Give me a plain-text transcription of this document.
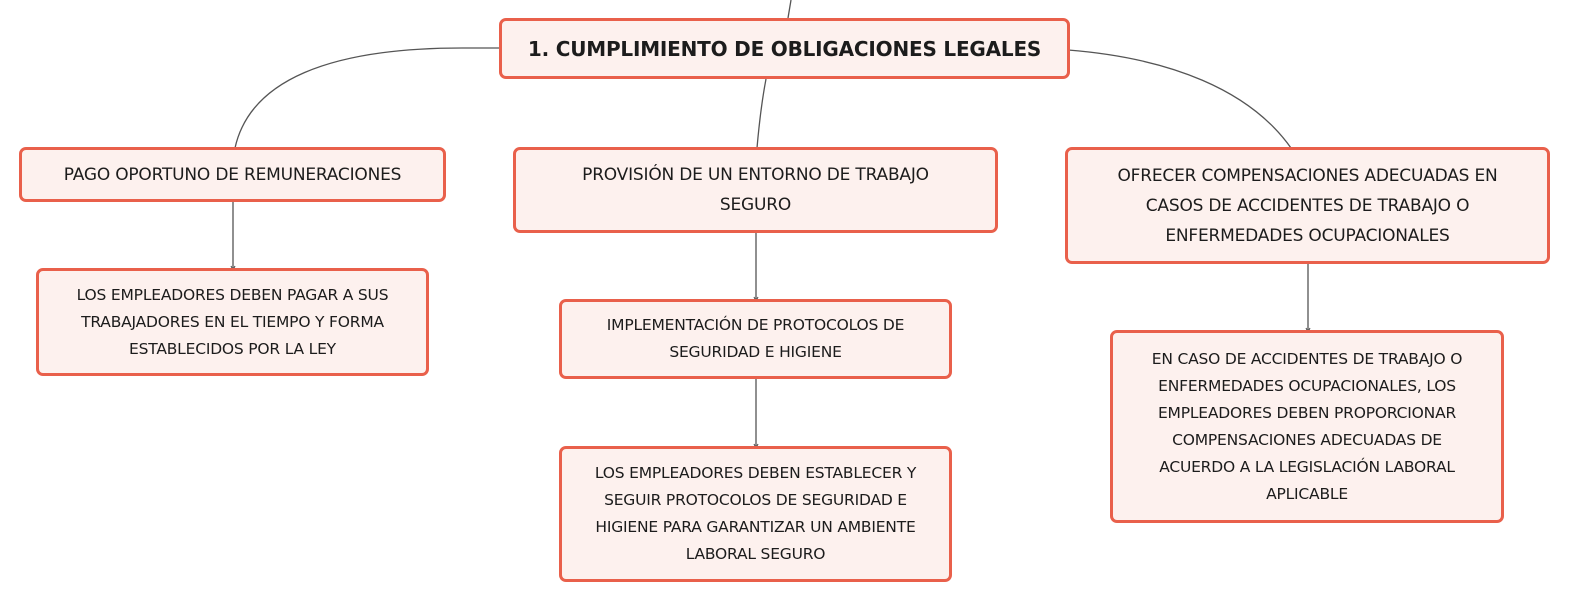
1. CUMPLIMIENTO DE OBLIGACIONES LEGALES
PAGO OPORTUNO DE REMUNERACIONES	PROVISIÓN DE UN ENTORNO DE TRABAJO
SEGURO
OFRECER COMPENSACIONES ADECUADAS EN
CASOS DE ACCIDENTES DE TRABAJO O
ENFERMEDADES OCUPACIONALES
LOS EMPLEADORES DEBEN PAGAR A SUS
TRABAJADORES EN EL TIEMPO Y FORMA
ESTABLECIDOS POR LA LEY
IMPLEMENTACIÓN DE PROTOCOLOS DE
SEGURIDAD E HIGIENE
LOS EMPLEADORES DEBEN ESTABLECER Y
SEGUIR PROTOCOLOS DE SEGURIDAD E
HIGIENE PARA GARANTIZAR UN AMBIENTE
LABORAL SEGURO
EN CASO DE ACCIDENTES DE TRABAJO O
ENFERMEDADES OCUPACIONALES, LOS
EMPLEADORES DEBEN PROPORCIONAR
COMPENSACIONES ADECUADAS DE
ACUERDO A LA LEGISLACIÓN LABORAL
APLICABLE
